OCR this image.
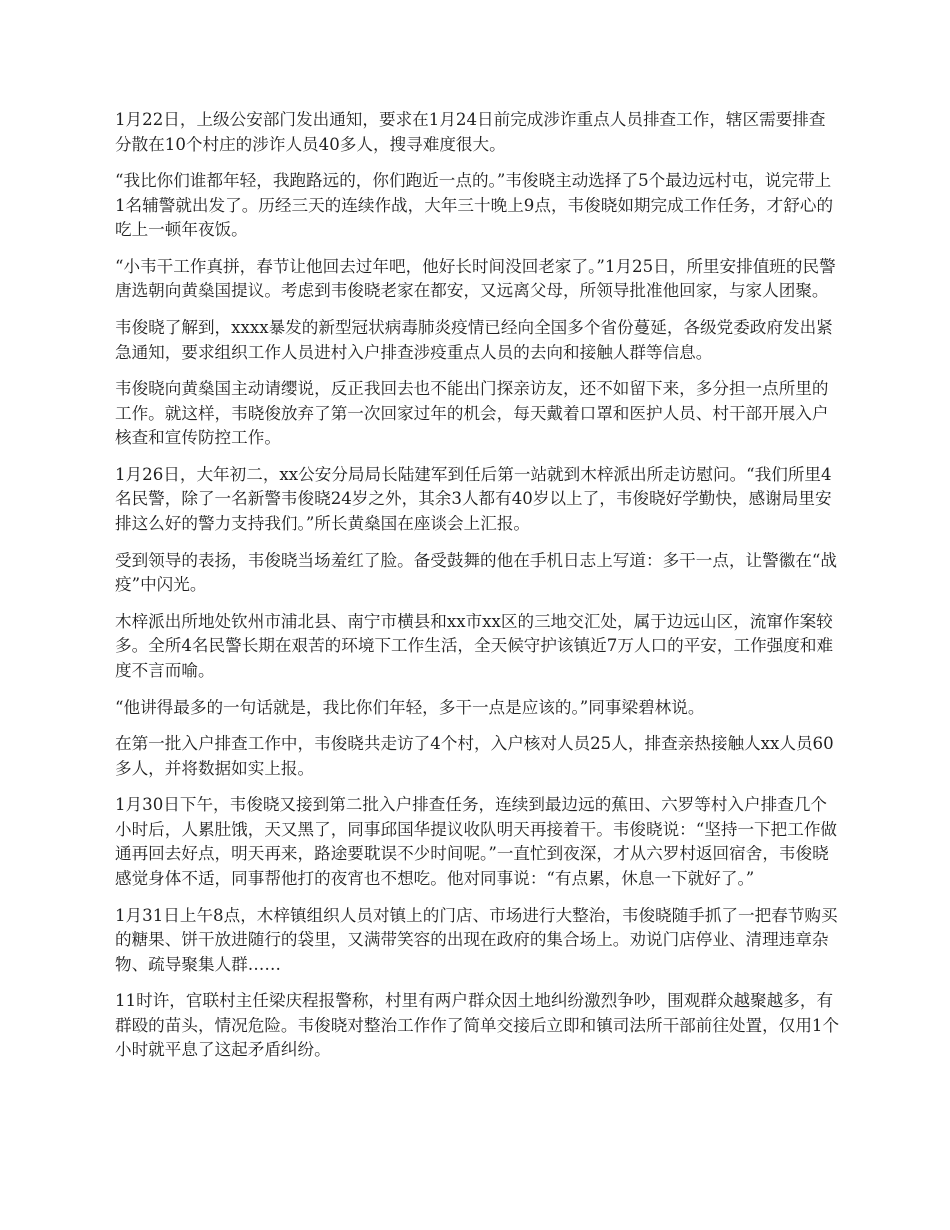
1月22日，上级公安部门发出通知，要求在1月24日前完成涉诈重点人员排查工作，辖区需要排查分散在10个村庄的涉诈人员40多人，搜寻难度很大。

“我比你们谁都年轻，我跑路远的，你们跑近一点的。”韦俊晓主动选择了5个最边远村屯，说完带上1名辅警就出发了。历经三天的连续作战，大年三十晚上9点，韦俊晓如期完成工作任务，才舒心的吃上一顿年夜饭。

“小韦干工作真拼，春节让他回去过年吧，他好长时间没回老家了。”1月25日，所里安排值班的民警唐选朝向黄燊国提议。考虑到韦俊晓老家在都安，又远离父母，所领导批准他回家，与家人团聚。

韦俊晓了解到，xxxx暴发的新型冠状病毒肺炎疫情已经向全国多个省份蔓延，各级党委政府发出紧急通知，要求组织工作人员进村入户排查涉疫重点人员的去向和接触人群等信息。

韦俊晓向黄燊国主动请缨说，反正我回去也不能出门探亲访友，还不如留下来，多分担一点所里的工作。就这样，韦晓俊放弃了第一次回家过年的机会，每天戴着口罩和医护人员、村干部开展入户核查和宣传防控工作。

1月26日，大年初二，xx公安分局局长陆建军到任后第一站就到木梓派出所走访慰问。“我们所里4名民警，除了一名新警韦俊晓24岁之外，其余3人都有40岁以上了，韦俊晓好学勤快，感谢局里安排这么好的警力支持我们。”所长黄燊国在座谈会上汇报。

受到领导的表扬，韦俊晓当场羞红了脸。备受鼓舞的他在手机日志上写道：多干一点，让警徽在“战疫”中闪光。

木梓派出所地处钦州市浦北县、南宁市横县和xx市xx区的三地交汇处，属于边远山区，流窜作案较多。全所4名民警长期在艰苦的环境下工作生活，全天候守护该镇近7万人口的平安，工作强度和难度不言而喻。

“他讲得最多的一句话就是，我比你们年轻，多干一点是应该的。”同事梁碧林说。

在第一批入户排查工作中，韦俊晓共走访了4个村，入户核对人员25人，排查亲热接触人xx人员60多人，并将数据如实上报。

1月30日下午，韦俊晓又接到第二批入户排查任务，连续到最边远的蕉田、六罗等村入户排查几个小时后，人累肚饿，天又黑了，同事邱国华提议收队明天再接着干。韦俊晓说：“坚持一下把工作做通再回去好点，明天再来，路途要耽误不少时间呢。”一直忙到夜深，才从六罗村返回宿舍，韦俊晓感觉身体不适，同事帮他打的夜宵也不想吃。他对同事说：“有点累，休息一下就好了。”

1月31日上午8点，木梓镇组织人员对镇上的门店、市场进行大整治，韦俊晓随手抓了一把春节购买的糖果、饼干放进随行的袋里，又满带笑容的出现在政府的集合场上。劝说门店停业、清理违章杂物、疏导聚集人群……

11时许，官联村主任梁庆程报警称，村里有两户群众因土地纠纷激烈争吵，围观群众越聚越多，有群殴的苗头，情况危险。韦俊晓对整治工作作了简单交接后立即和镇司法所干部前往处置，仅用1个小时就平息了这起矛盾纠纷。
